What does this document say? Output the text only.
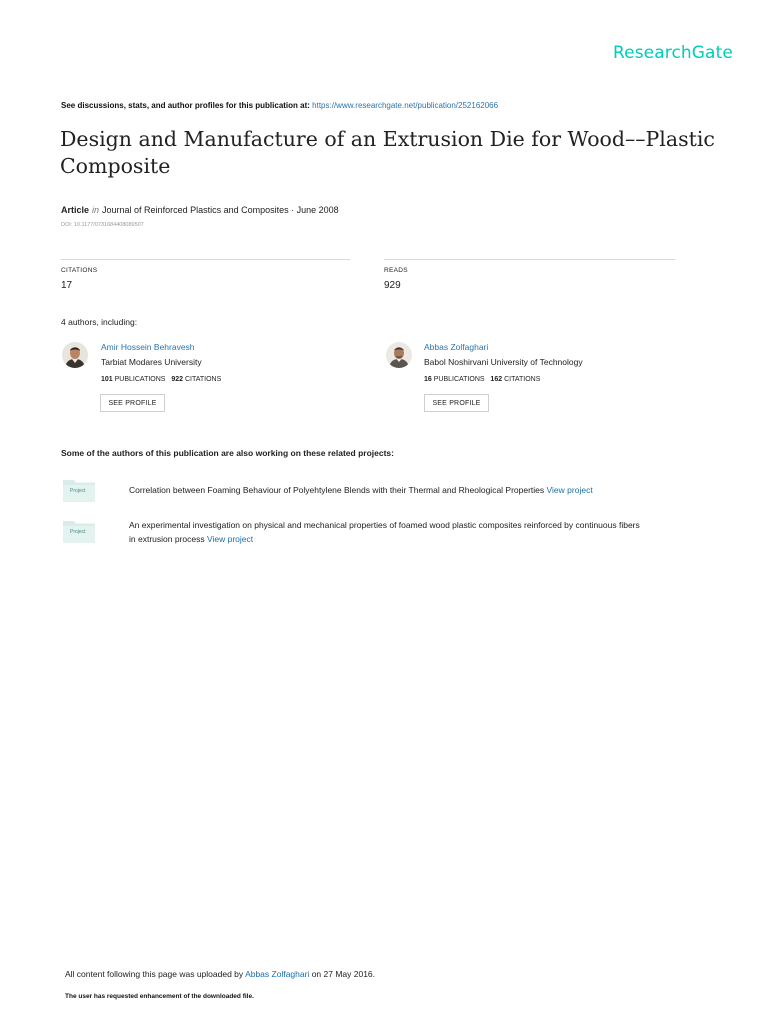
ResearchGate
See discussions, stats, and author profiles for this publication at: https://www.researchgate.net/publication/252162066
Design and Manufacture of an Extrusion Die for Wood––Plastic Composite
Article in Journal of Reinforced Plastics and Composites · June 2008
DOI: 10.1177/0731684408089507
CITATIONS
17
READS
929
4 authors, including:
Amir Hossein Behravesh
Tarbiat Modares University
101 PUBLICATIONS 922 CITATIONS
SEE PROFILE
Abbas Zolfaghari
Babol Noshirvani University of Technology
16 PUBLICATIONS 162 CITATIONS
SEE PROFILE
Some of the authors of this publication are also working on these related projects:
Project	Correlation between Foaming Behaviour of Polyehtylene Blends with their Thermal and Rheological Properties View project
Project
An experimental investigation on physical and mechanical properties of foamed wood plastic composites reinforced by continuous fibers
in extrusion process View project
All content following this page was uploaded by Abbas Zolfaghari on 27 May 2016.
The user has requested enhancement of the downloaded file.
